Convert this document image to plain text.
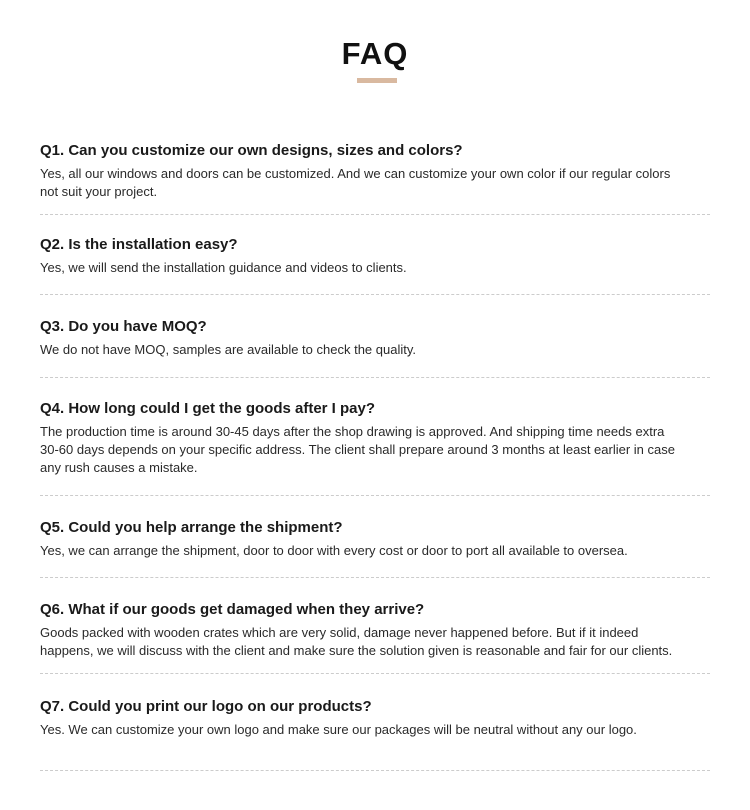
FAQ
Q1. Can you customize our own designs, sizes and colors?
Yes, all our windows and doors can be customized. And we can customize your own color if our regular colors not suit your project.
Q2. Is the installation easy?
Yes, we will send the installation guidance and videos to clients.
Q3. Do you have MOQ?
We do not have MOQ, samples are available to check the quality.
Q4. How long could I get the goods after I pay?
The production time is around 30-45 days after the shop drawing is approved. And shipping time needs extra 30-60 days depends on your specific address. The client shall prepare around 3 months at least earlier in case any rush causes a mistake.
Q5. Could you help arrange the shipment?
Yes, we can arrange the shipment, door to door with every cost or door to port all available to oversea.
Q6. What if our goods get damaged when they arrive?
Goods packed with wooden crates which are very solid, damage never happened before. But if it indeed happens, we will discuss with the client and make sure the solution given is reasonable and fair for our clients.
Q7. Could you print our logo on our products?
Yes. We can customize your own logo and make sure our packages will be neutral without any our logo.
